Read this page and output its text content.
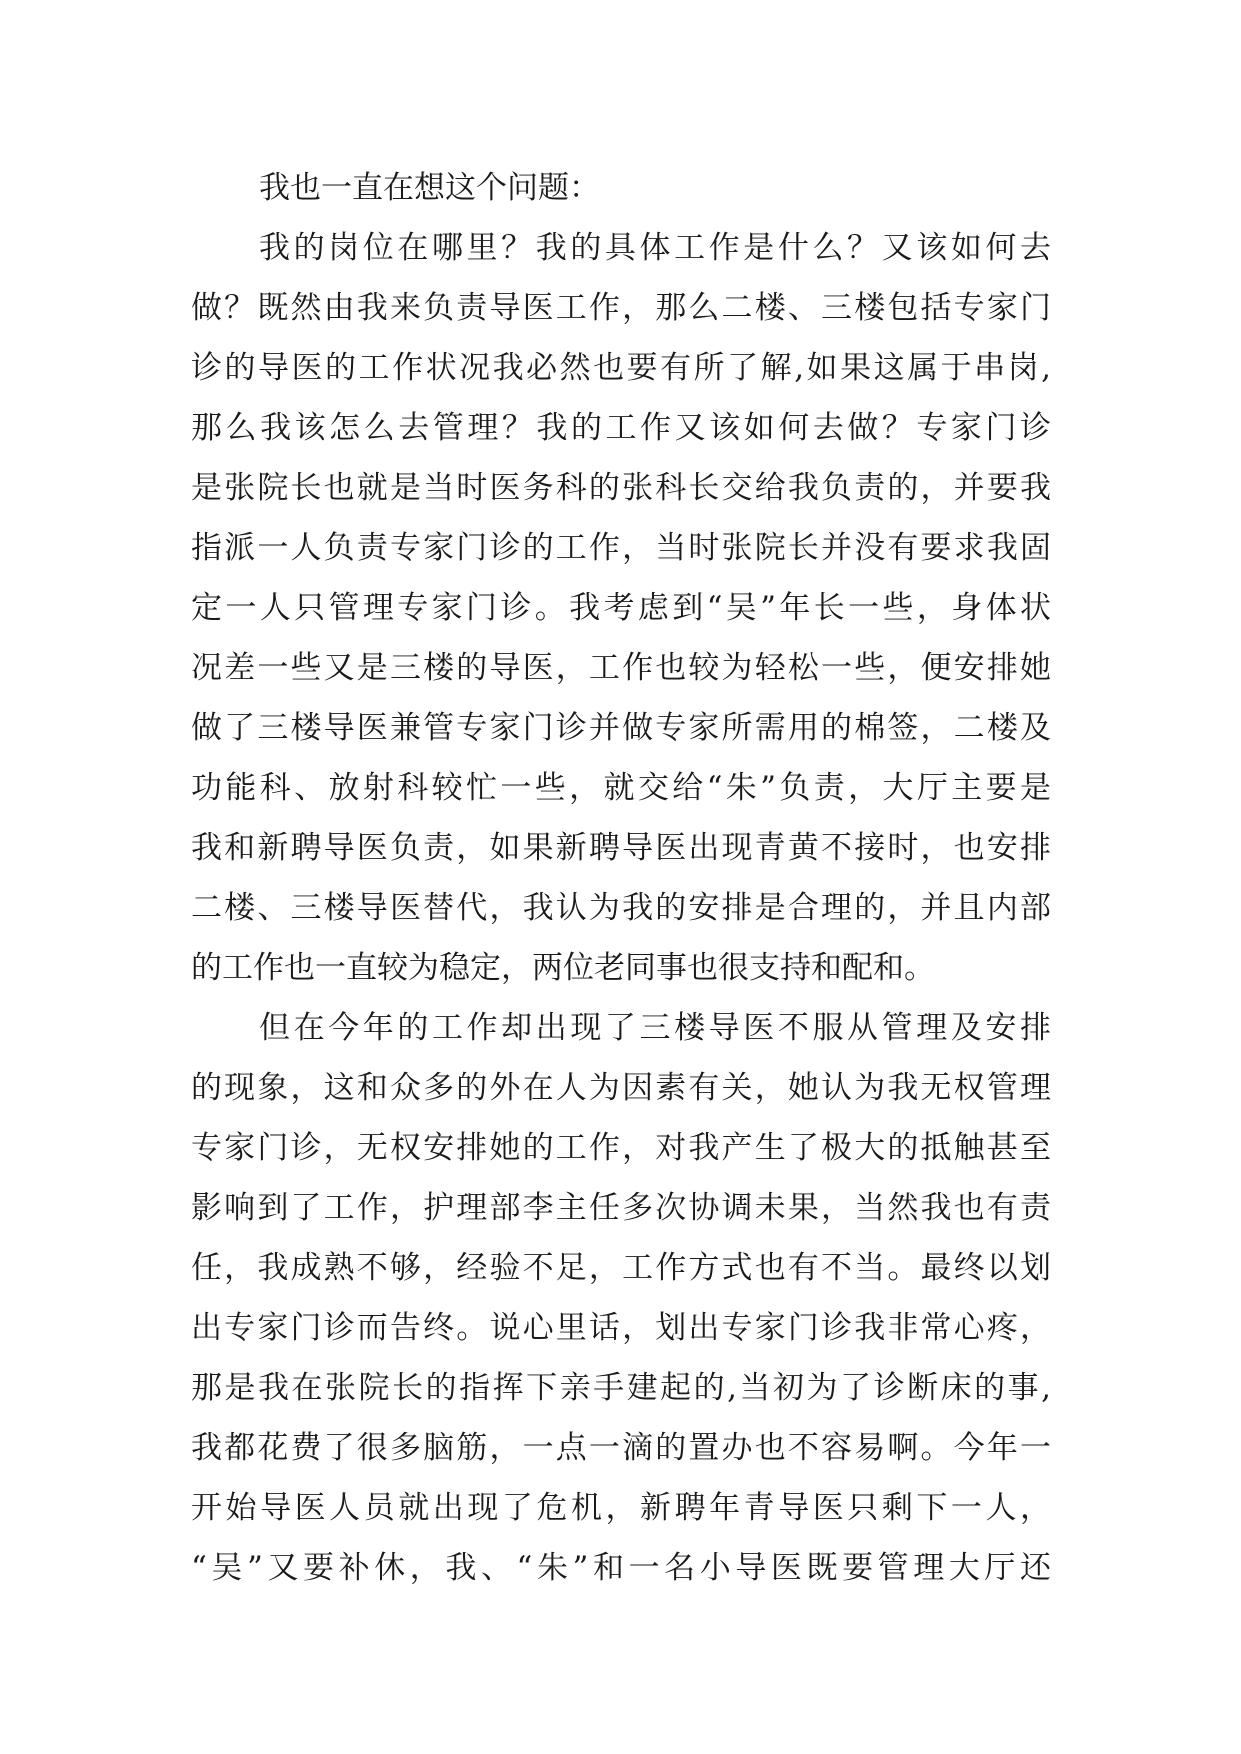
我也一直在想这个问题：
我的岗位在哪里？我的具体工作是什么？又该如何去
做？既然由我来负责导医工作，那么二楼、三楼包括专家门
诊的导医的工作状况我必然也要有所了解,如果这属于串岗,
那么我该怎么去管理？我的工作又该如何去做？专家门诊
是张院长也就是当时医务科的张科长交给我负责的，并要我
指派一人负责专家门诊的工作，当时张院长并没有要求我固
定一人只管理专家门诊。我考虑到“吴”年长一些，身体状
况差一些又是三楼的导医，工作也较为轻松一些，便安排她
做了三楼导医兼管专家门诊并做专家所需用的棉签，二楼及
功能科、放射科较忙一些，就交给“朱”负责，大厅主要是
我和新聘导医负责，如果新聘导医出现青黄不接时，也安排
二楼、三楼导医替代，我认为我的安排是合理的，并且内部
的工作也一直较为稳定，两位老同事也很支持和配和。
但在今年的工作却出现了三楼导医不服从管理及安排
的现象，这和众多的外在人为因素有关，她认为我无权管理
专家门诊，无权安排她的工作，对我产生了极大的抵触甚至
影响到了工作，护理部李主任多次协调未果，当然我也有责
任，我成熟不够，经验不足，工作方式也有不当。最终以划
出专家门诊而告终。说心里话，划出专家门诊我非常心疼，
那是我在张院长的指挥下亲手建起的,当初为了诊断床的事,
我都花费了很多脑筋，一点一滴的置办也不容易啊。今年一
开始导医人员就出现了危机，新聘年青导医只剩下一人，
“吴”又要补休，我、“朱”和一名小导医既要管理大厅还
